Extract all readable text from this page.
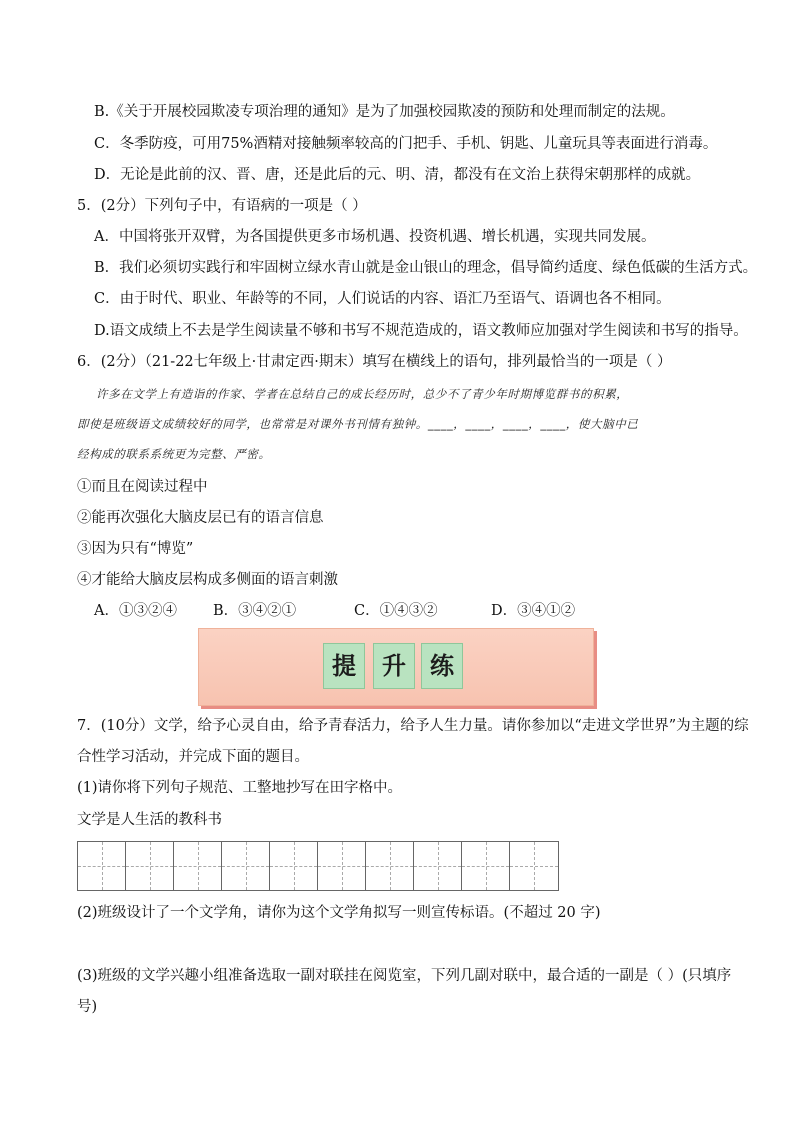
B.《关于开展校园欺凌专项治理的通知》是为了加强校园欺凌的预防和处理而制定的法规。
C．冬季防疫，可用75%酒精对接触频率较高的门把手、手机、钥匙、儿童玩具等表面进行消毒。
D．无论是此前的汉、晋、唐，还是此后的元、明、清，都没有在文治上获得宋朝那样的成就。
5．(2分）下列句子中，有语病的一项是（ ）
A．中国将张开双臂，为各国提供更多市场机遇、投资机遇、增长机遇，实现共同发展。
B．我们必须切实践行和牢固树立绿水青山就是金山银山的理念，倡导简约适度、绿色低碳的生活方式。
C．由于时代、职业、年龄等的不同，人们说话的内容、语汇乃至语气、语调也各不相同。
D.语文成绩上不去是学生阅读量不够和书写不规范造成的，语文教师应加强对学生阅读和书写的指导。
6．(2分）（21-22七年级上·甘肃定西·期末）填写在横线上的语句，排列最恰当的一项是（ ）
许多在文学上有造诣的作家、学者在总结自己的成长经历时，总少不了青少年时期博览群书的积累，
即使是班级语文成绩较好的同学，也常常是对课外书刊情有独钟。____，____，____，____，使大脑中已
经构成的联系系统更为完整、严密。
①而且在阅读过程中
②能再次强化大脑皮层已有的语言信息
③因为只有“博览”
④才能给大脑皮层构成多侧面的语言刺激
A．①③②④ B．③④②①	C．①④③②	D．③④①②
提	升	练
7．(10分）文学，给予心灵自由，给予青春活力，给予人生力量。请你参加以“走进文学世界”为主题的综
合性学习活动，并完成下面的题目。
(1)请你将下列句子规范、工整地抄写在田字格中。
文学是人生活的教科书
(2)班级设计了一个文学角，请你为这个文学角拟写一则宣传标语。(不超过 20 字)
(3)班级的文学兴趣小组准备选取一副对联挂在阅览室，下列几副对联中，最合适的一副是（ ）(只填序
号)
